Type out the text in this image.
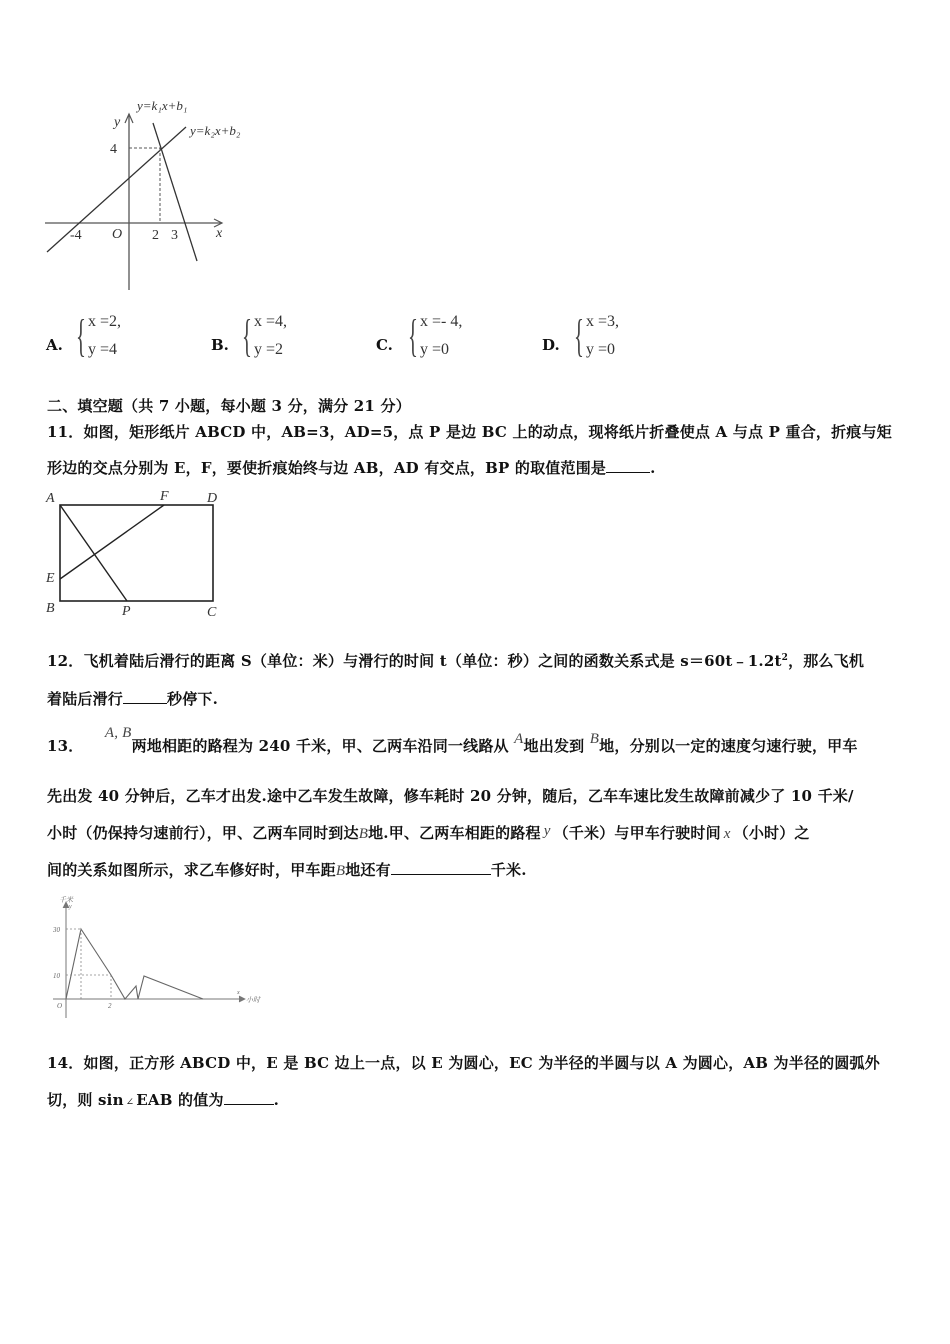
y=k₁x+b₁
y=k₂x+b₂
y
x
4
O
-4	2 3
A. { x =2,
y =4	B. { x =4,
y =2	C. { x =- 4,
y =0	D. { x =3,
y =0
二、填空题（共 7 小题，每小题 3 分，满分 21 分）
11．如图，矩形纸片 ABCD 中，AB=3，AD=5，点 P 是边 BC 上的动点，现将纸片折叠使点 A 与点 P 重合，折痕与矩
形边的交点分别为 E，F，要使折痕始终与边 AB，AD 有交点，BP 的取值范围是	.
A	F	D
E
B	P	C
12．飞机着陆后滑行的距离 S（单位：米）与滑行的时间 t（单位：秒）之间的函数关系式是 $s=60t﹣1.2t^2$，那么飞机
着陆后滑行	秒停下.
13． A, B两地相距的路程为 240 千米，甲、乙两车沿同一线路从 A地出发到 B地，分别以一定的速度匀速行驶，甲车
先出发 40 分钟后，乙车才出发.途中乙车发生故障，修车耗时 20 分钟，随后，乙车车速比发生故障前减少了 10 千米/
小时（仍保持匀速前行），甲、乙两车同时到达B地.甲、乙两车相距的路程 y （千米）与甲车行驶时间 x （小时）之
间的关系如图所示，求乙车修好时，甲车距B地还有	千米.
千米
y
30
10
O	2
x
小时
14．如图，正方形 ABCD 中，E 是 BC 边上一点，以 E 为圆心，EC 为半径的半圆与以 A 为圆心，AB 为半径的圆弧外
切，则 sin ∠ EAB 的值为	.
